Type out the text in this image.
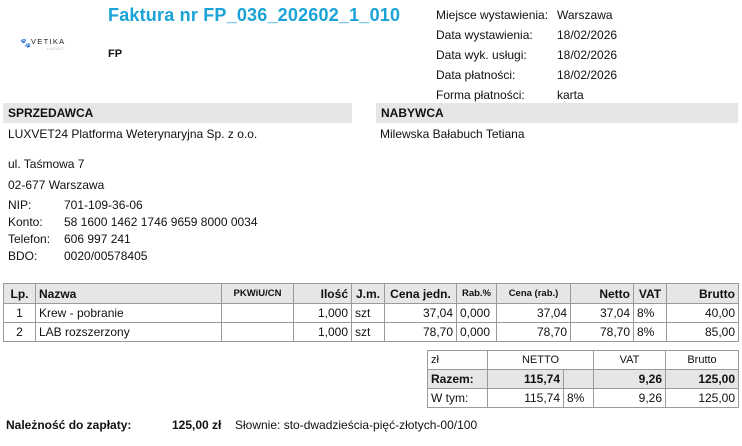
Faktura nr FP_036_202602_1_010
🐾 VETIKA
LUXVET	FP
Miejsce wystawienia: Warszawa
Data wystawienia:	18/02/2026
Data wyk. usługi:	18/02/2026
Data płatności:	18/02/2026
Forma płatności:	karta
SPRZEDAWCA	NABYWCA
LUXVET24 Platforma Weterynaryjna Sp. z o.o.	Milewska Bałabuch Tetiana
ul. Taśmowa 7
02-677 Warszawa
NIP:	701-109-36-06
Konto:	58 1600 1462 1746 9659 8000 0034
Telefon:	606 997 241
BDO:	0020/00578405
Lp.	Nazwa	PKWiU/CN	Ilość	J.m.	Cena jedn.	Rab.%	Cena (rab.)	Netto	VAT	Brutto
1	Krew - pobranie		1,000	szt	37,04	0,000	37,04	37,04	8%	40,00
2	LAB rozszerzony		1,000	szt	78,70	0,000	78,70	78,70	8%	85,00
zł	NETTO		VAT	Brutto
Razem:	115,74		9,26	125,00
W tym:	115,74	8%	9,26	125,00
Należność do zapłaty:	125,00 zł Słownie: sto-dwadzieścia-pięć-złotych-00/100
